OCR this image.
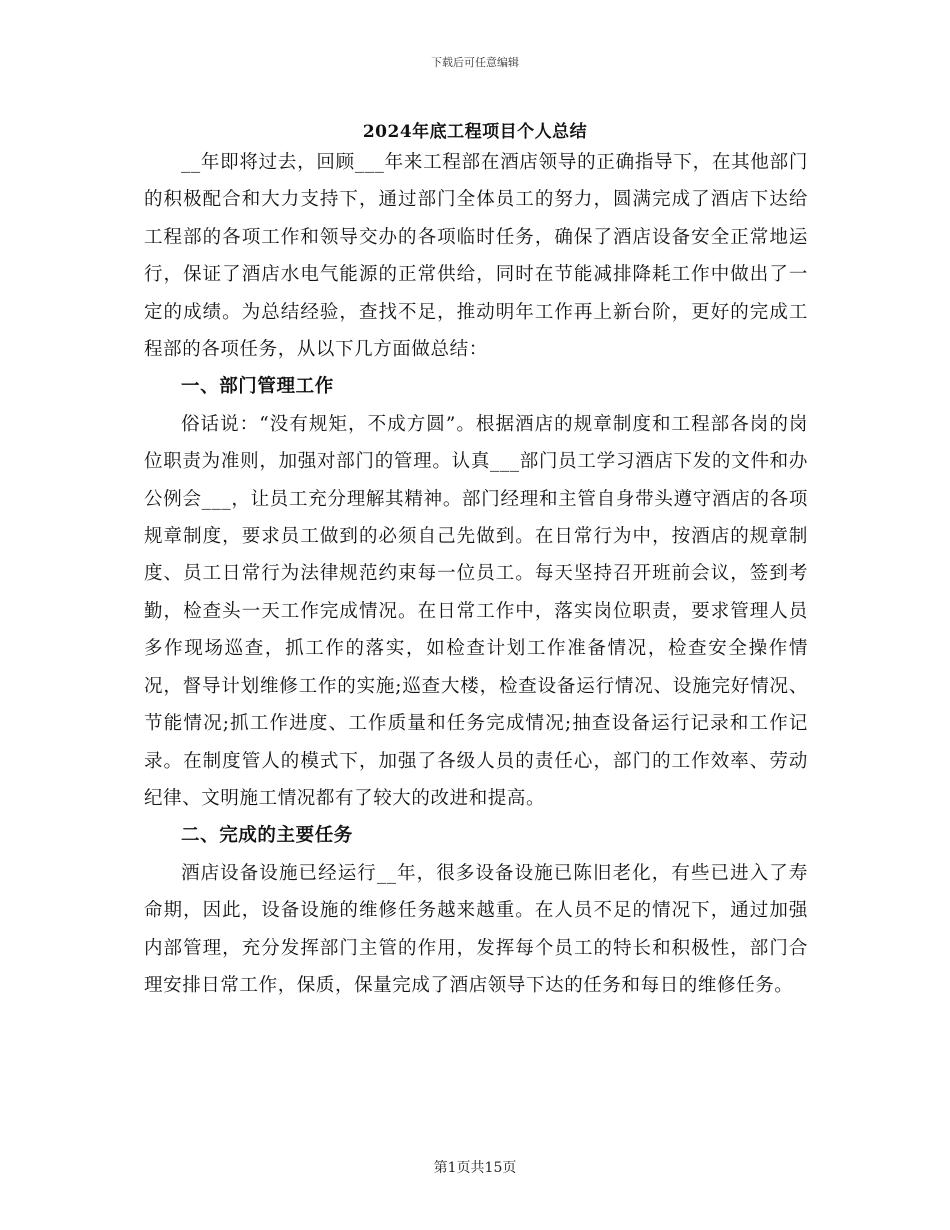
下载后可任意编辑
2024年底工程项目个人总结

__年即将过去，回顾___年来工程部在酒店领导的正确指导下，在其他部门的积极配合和大力支持下，通过部门全体员工的努力，圆满完成了酒店下达给工程部的各项工作和领导交办的各项临时任务，确保了酒店设备安全正常地运行，保证了酒店水电气能源的正常供给，同时在节能减排降耗工作中做出了一定的成绩。为总结经验，查找不足，推动明年工作再上新台阶，更好的完成工程部的各项任务，从以下几方面做总结：

一、部门管理工作

俗话说：“没有规矩，不成方圆”。根据酒店的规章制度和工程部各岗的岗位职责为准则，加强对部门的管理。认真___部门员工学习酒店下发的文件和办公例会___，让员工充分理解其精神。部门经理和主管自身带头遵守酒店的各项规章制度，要求员工做到的必须自己先做到。在日常行为中，按酒店的规章制度、员工日常行为法律规范约束每一位员工。每天坚持召开班前会议，签到考勤，检查头一天工作完成情况。在日常工作中，落实岗位职责，要求管理人员多作现场巡查，抓工作的落实，如检查计划工作准备情况，检查安全操作情况，督导计划维修工作的实施;巡查大楼，检查设备运行情况、设施完好情况、节能情况;抓工作进度、工作质量和任务完成情况;抽查设备运行记录和工作记录。在制度管人的模式下，加强了各级人员的责任心，部门的工作效率、劳动纪律、文明施工情况都有了较大的改进和提高。

二、完成的主要任务

酒店设备设施已经运行__年，很多设备设施已陈旧老化，有些已进入了寿命期，因此，设备设施的维修任务越来越重。在人员不足的情况下，通过加强内部管理，充分发挥部门主管的作用，发挥每个员工的特长和积极性，部门合理安排日常工作，保质，保量完成了酒店领导下达的任务和每日的维修任务。

第1页共15页
